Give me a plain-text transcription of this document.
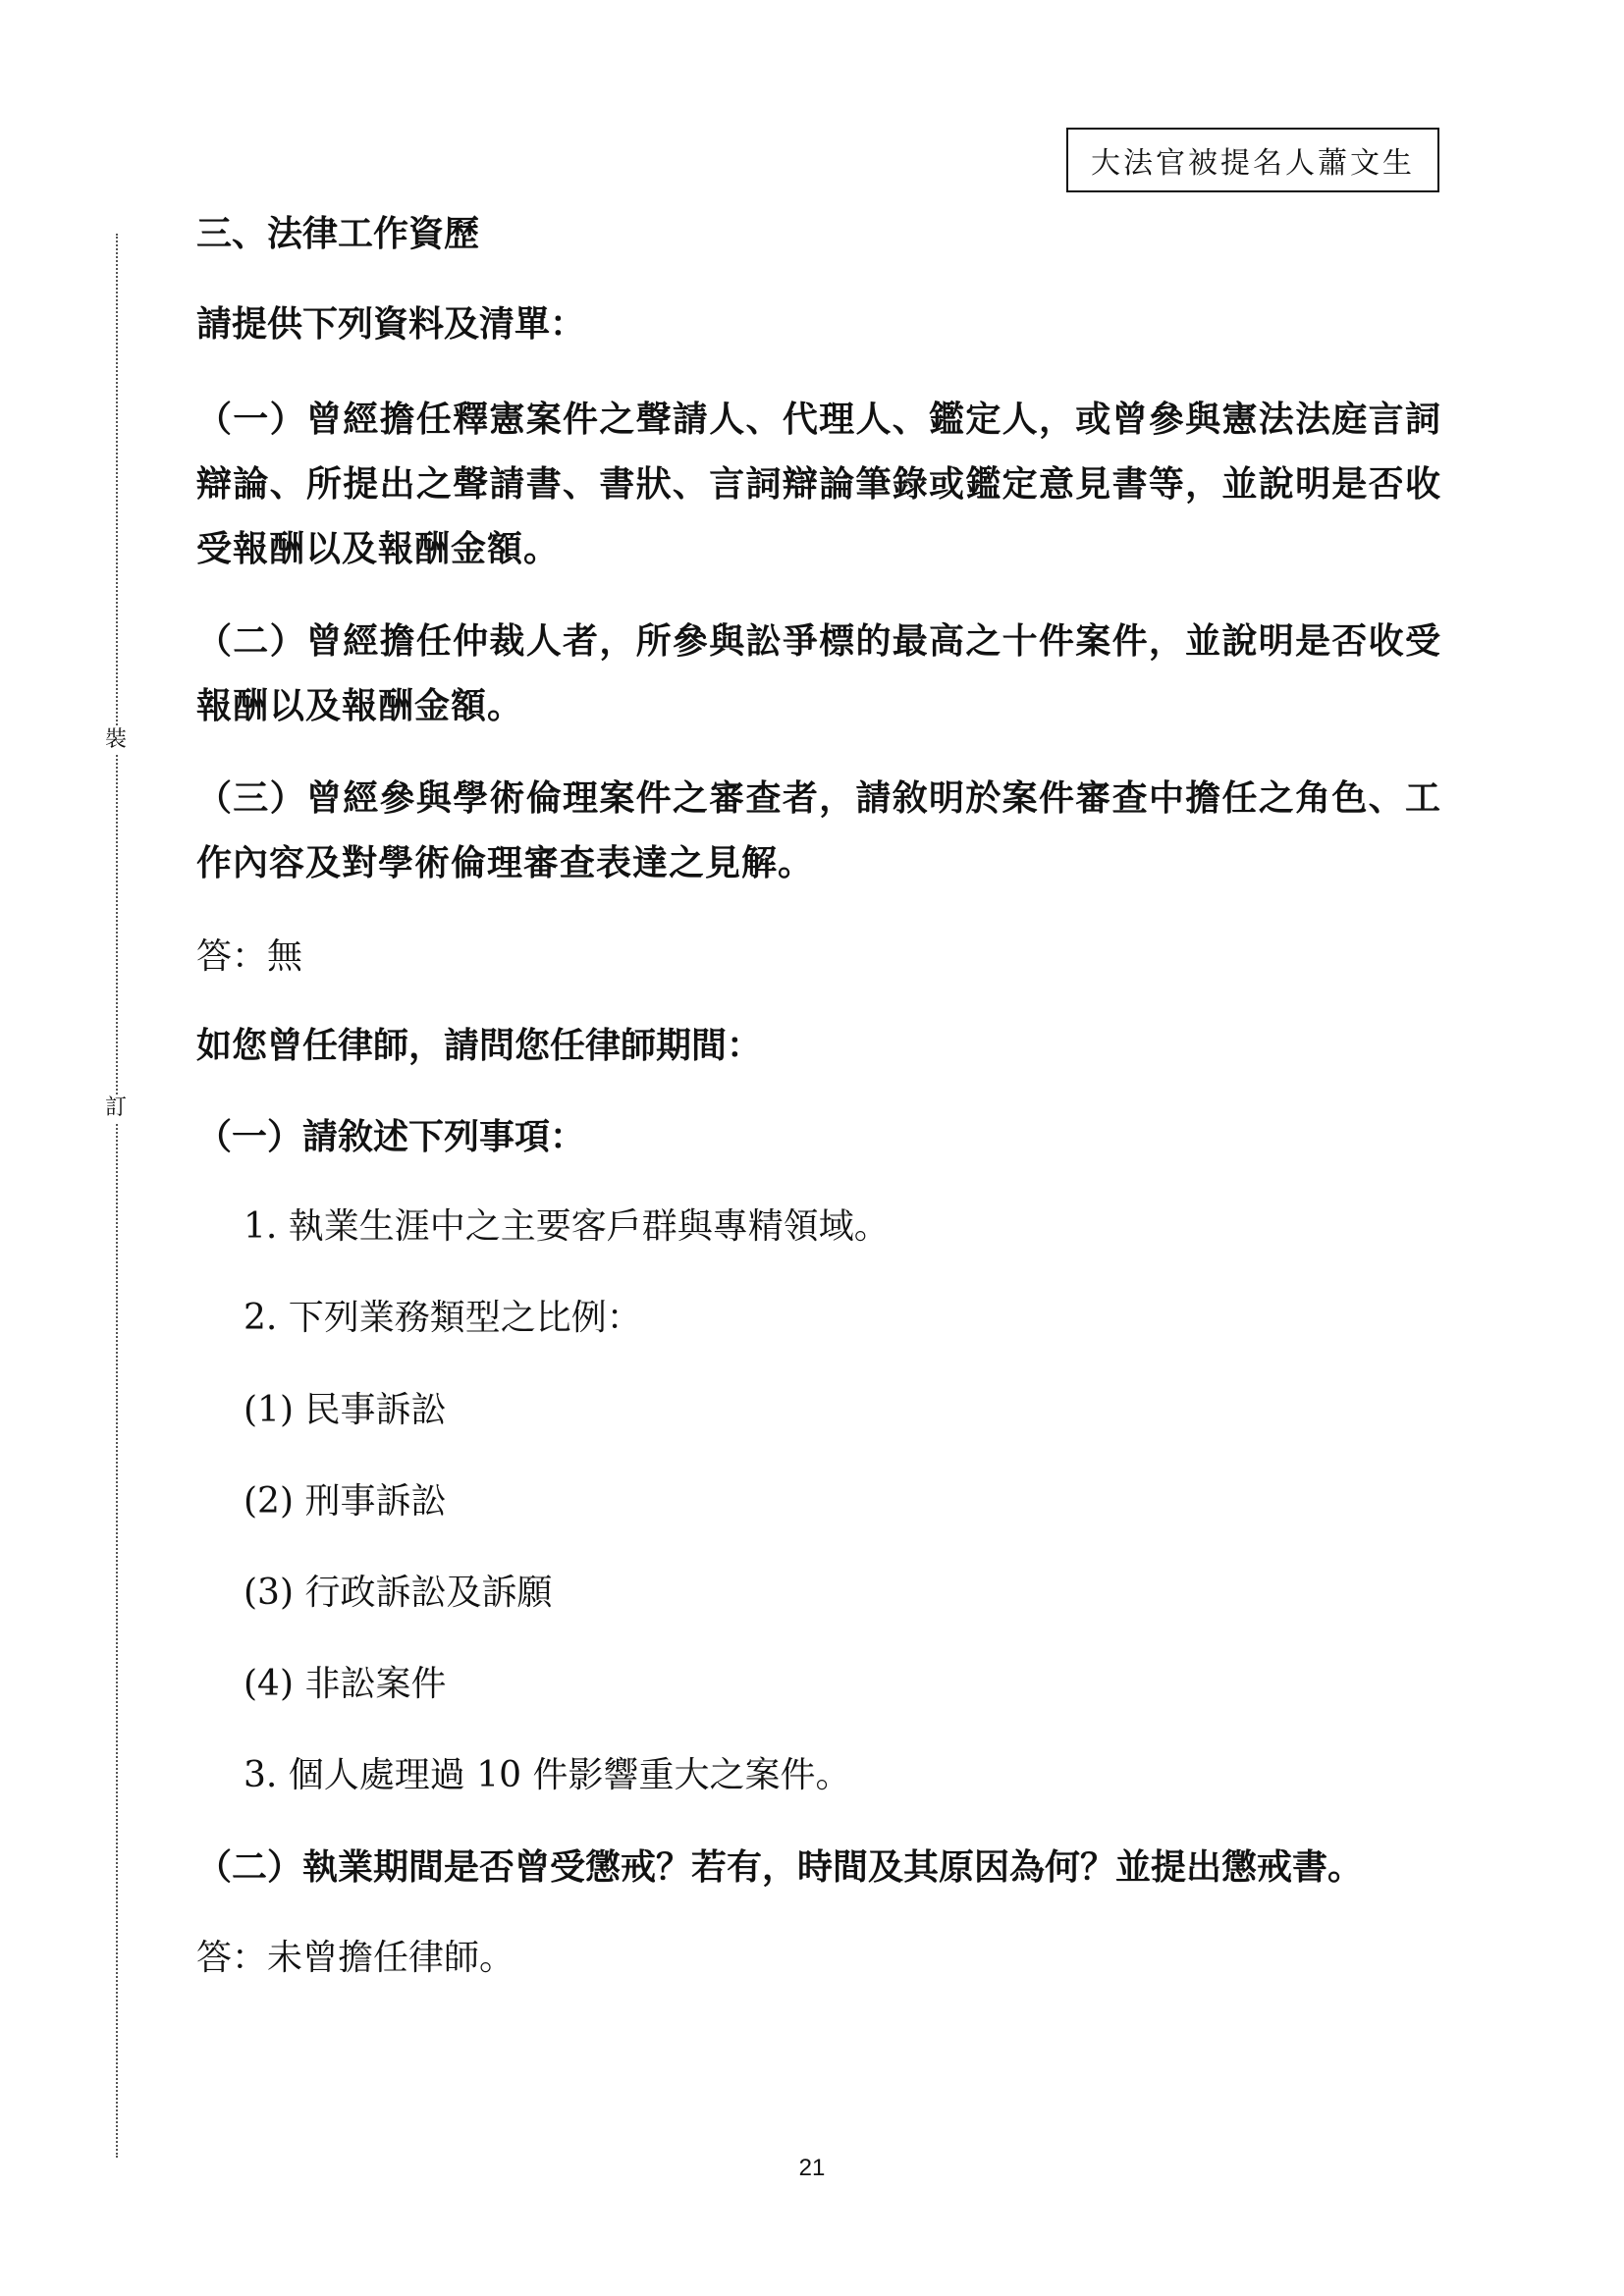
大法官被提名人蕭文生
裝
訂
三、法律工作資歷
請提供下列資料及清單：
（一）曾經擔任釋憲案件之聲請人、代理人、鑑定人，或曾參與憲法法庭言詞辯論、所提出之聲請書、書狀、言詞辯論筆錄或鑑定意見書等，並說明是否收受報酬以及報酬金額。
（二）曾經擔任仲裁人者，所參與訟爭標的最高之十件案件，並說明是否收受報酬以及報酬金額。
（三）曾經參與學術倫理案件之審查者，請敘明於案件審查中擔任之角色、工作內容及對學術倫理審查表達之見解。
答：無
如您曾任律師，請問您任律師期間：
（一）請敘述下列事項：
1. 執業生涯中之主要客戶群與專精領域。
2. 下列業務類型之比例：
(1) 民事訴訟
(2) 刑事訴訟
(3) 行政訴訟及訴願
(4) 非訟案件
3. 個人處理過 10 件影響重大之案件。
（二）執業期間是否曾受懲戒？若有，時間及其原因為何？並提出懲戒書。
答：未曾擔任律師。
21
